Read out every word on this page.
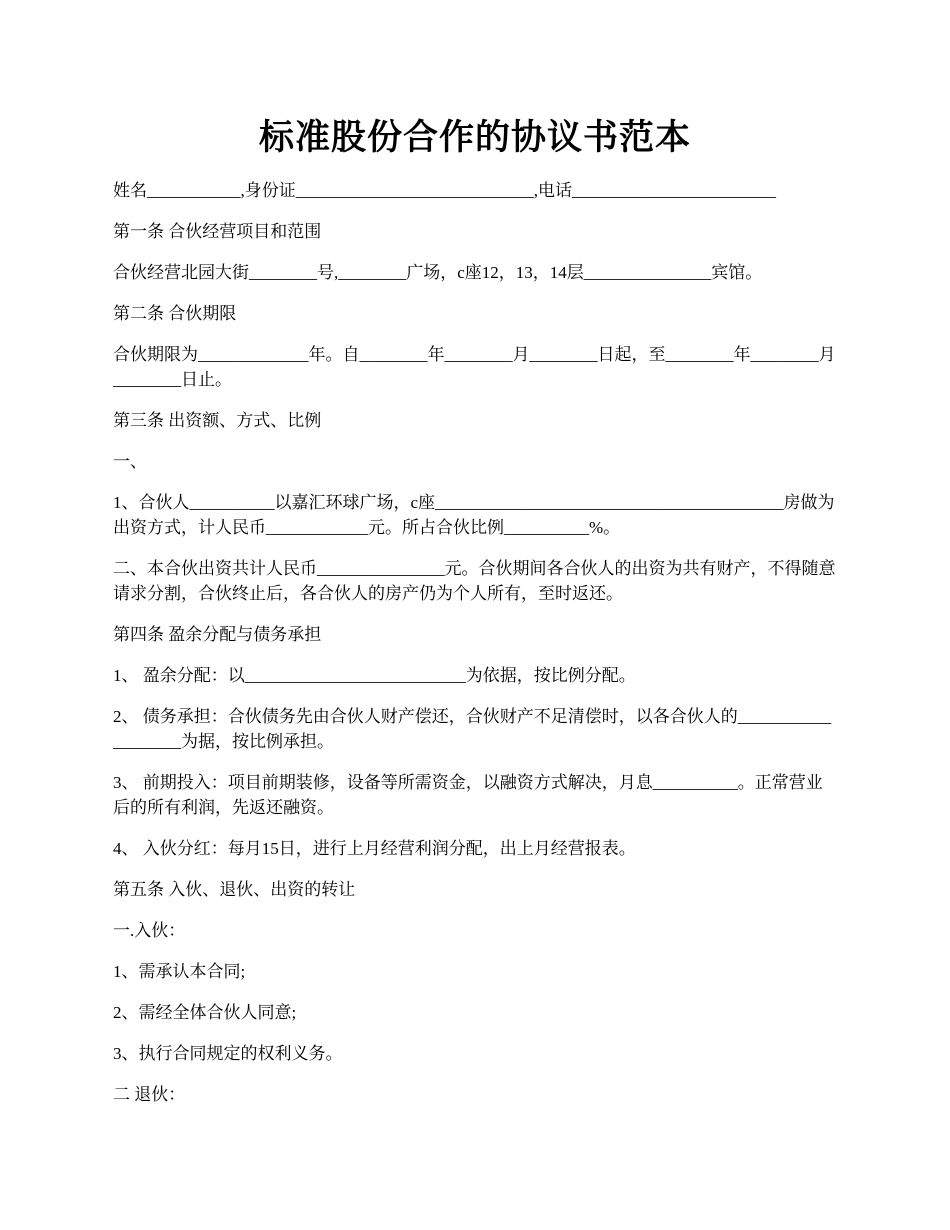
标准股份合作的协议书范本

姓名___________,身份证____________________________,电话________________________

第一条 合伙经营项目和范围

合伙经营北园大街________号,________广场，c座12，13，14层_______________宾馆。

第二条 合伙期限

合伙期限为_____________年。自________年________月________日起，至________年________月________日止。

第三条 出资额、方式、比例

一、

1、合伙人__________以嘉汇环球广场，c座_________________________________________房做为出资方式，计人民币____________元。所占合伙比例__________%。

二、本合伙出资共计人民币_______________元。合伙期间各合伙人的出资为共有财产，不得随意请求分割，合伙终止后，各合伙人的房产仍为个人所有，至时返还。

第四条 盈余分配与债务承担

1、 盈余分配：以__________________________为依据，按比例分配。

2、 债务承担：合伙债务先由合伙人财产偿还，合伙财产不足清偿时，以各合伙人的___________________为据，按比例承担。

3、 前期投入：项目前期装修，设备等所需资金，以融资方式解决，月息__________。正常营业后的所有利润，先返还融资。

4、 入伙分红：每月15日，进行上月经营利润分配，出上月经营报表。

第五条 入伙、退伙、出资的转让

一.入伙：

1、需承认本合同;

2、需经全体合伙人同意;

3、执行合同规定的权利义务。

二 退伙：
